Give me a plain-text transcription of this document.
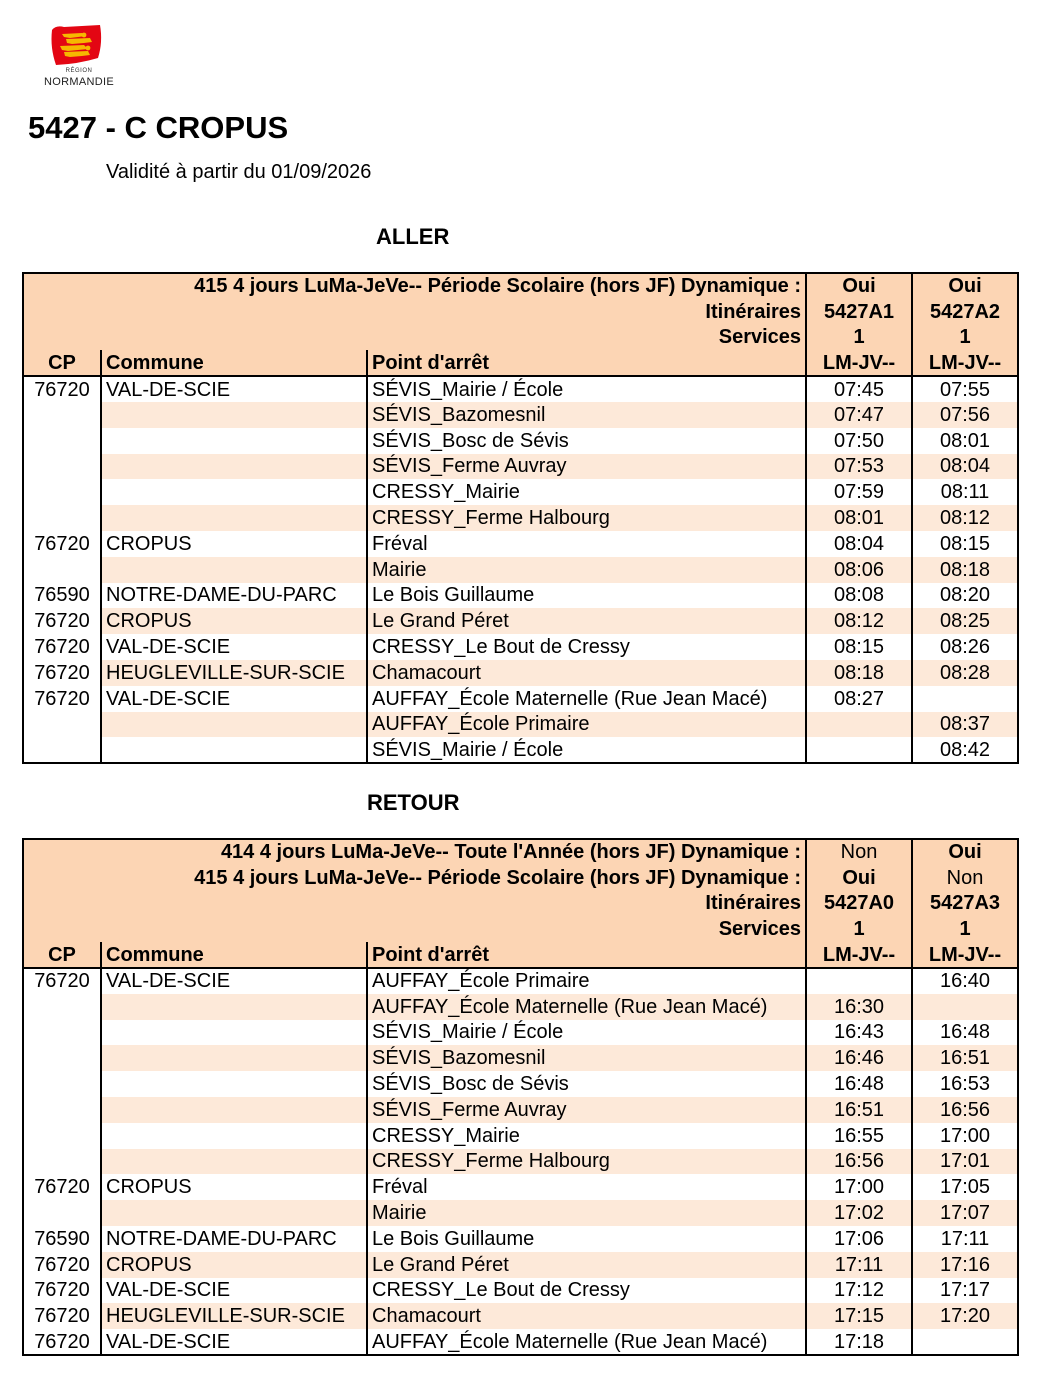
RÉGION
NORMANDIE
5427 - C CROPUS
Validité à partir du 01/09/2026
ALLER
415 4 jours LuMa-JeVe-- Période Scolaire (hors JF) Dynamique :			Oui	Oui
Itinéraires			5427A1	5427A2
Services			1	1
CP	Commune	Point d'arrêt	LM-JV--	LM-JV--
76720	VAL-DE-SCIE	SÉVIS_Mairie / École	07:45	07:55
		SÉVIS_Bazomesnil	07:47	07:56
		SÉVIS_Bosc de Sévis	07:50	08:01
		SÉVIS_Ferme Auvray	07:53	08:04
		CRESSY_Mairie	07:59	08:11
		CRESSY_Ferme Halbourg	08:01	08:12
76720	CROPUS	Fréval	08:04	08:15
		Mairie	08:06	08:18
76590	NOTRE-DAME-DU-PARC	Le Bois Guillaume	08:08	08:20
76720	CROPUS	Le Grand Péret	08:12	08:25
76720	VAL-DE-SCIE	CRESSY_Le Bout de Cressy	08:15	08:26
76720	HEUGLEVILLE-SUR-SCIE	Chamacourt	08:18	08:28
76720	VAL-DE-SCIE	AUFFAY_École Maternelle (Rue Jean Macé)	08:27	
		AUFFAY_École Primaire		08:37
		SÉVIS_Mairie / École		08:42
RETOUR
414 4 jours LuMa-JeVe-- Toute l'Année (hors JF) Dynamique :			Non	Oui
415 4 jours LuMa-JeVe-- Période Scolaire (hors JF) Dynamique :			Oui	Non
Itinéraires			5427A0	5427A3
Services			1	1
CP	Commune	Point d'arrêt	LM-JV--	LM-JV--
76720	VAL-DE-SCIE	AUFFAY_École Primaire		16:40
		AUFFAY_École Maternelle (Rue Jean Macé)	16:30	
		SÉVIS_Mairie / École	16:43	16:48
		SÉVIS_Bazomesnil	16:46	16:51
		SÉVIS_Bosc de Sévis	16:48	16:53
		SÉVIS_Ferme Auvray	16:51	16:56
		CRESSY_Mairie	16:55	17:00
		CRESSY_Ferme Halbourg	16:56	17:01
76720	CROPUS	Fréval	17:00	17:05
		Mairie	17:02	17:07
76590	NOTRE-DAME-DU-PARC	Le Bois Guillaume	17:06	17:11
76720	CROPUS	Le Grand Péret	17:11	17:16
76720	VAL-DE-SCIE	CRESSY_Le Bout de Cressy	17:12	17:17
76720	HEUGLEVILLE-SUR-SCIE	Chamacourt	17:15	17:20
76720	VAL-DE-SCIE	AUFFAY_École Maternelle (Rue Jean Macé)	17:18	
